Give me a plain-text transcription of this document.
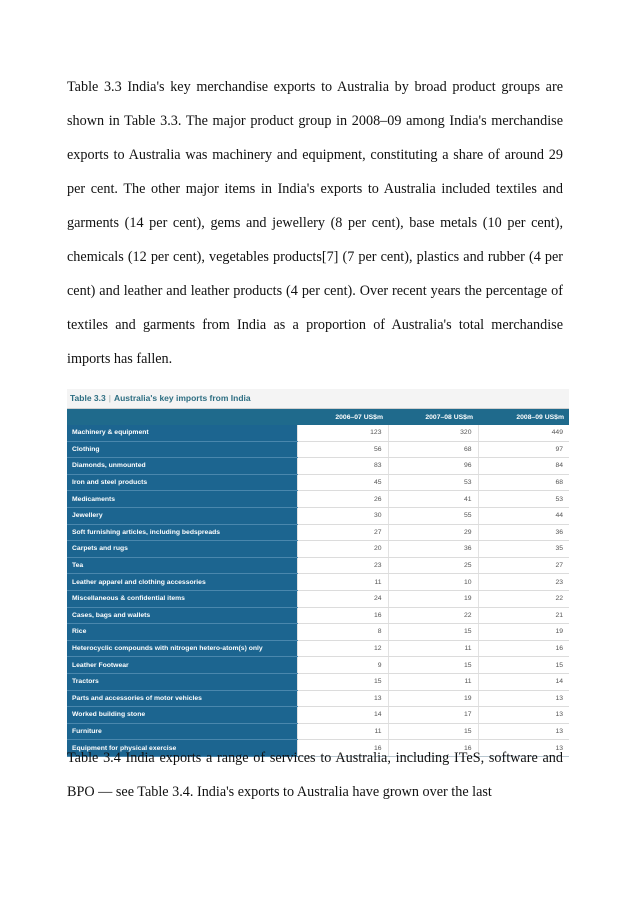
Table 3.3 India's key merchandise exports to Australia by broad product groups are shown in Table 3.3. The major product group in 2008–09 among India's merchandise exports to Australia was machinery and equipment, constituting a share of around 29 per cent. The other major items in India's exports to Australia included textiles and garments (14 per cent), gems and jewellery (8 per cent), base metals (10 per cent), chemicals (12 per cent), vegetables products[7] (7 per cent), plastics and rubber (4 per cent) and leather and leather products (4 per cent). Over recent years the percentage of textiles and garments from India as a proportion of Australia's total merchandise imports has fallen.

Table 3.3 | Australia's key imports from India
	2006–07 US$m	2007–08 US$m	2008–09 US$m
Machinery & equipment	123	320	449
Clothing	56	68	97
Diamonds, unmounted	83	96	84
Iron and steel products	45	53	68
Medicaments	26	41	53
Jewellery	30	55	44
Soft furnishing articles, including bedspreads	27	29	36
Carpets and rugs	20	36	35
Tea	23	25	27
Leather apparel and clothing accessories	11	10	23
Miscellaneous & confidential items	24	19	22
Cases, bags and wallets	16	22	21
Rice	8	15	19
Heterocyclic compounds with nitrogen hetero-atom(s) only	12	11	16
Leather Footwear	9	15	15
Tractors	15	11	14
Parts and accessories of motor vehicles	13	19	13
Worked building stone	14	17	13
Furniture	11	15	13
Equipment for physical exercise	16	16	13

Table 3.4 India exports a range of services to Australia, including ITeS, software and BPO — see Table 3.4. India's exports to Australia have grown over the last
